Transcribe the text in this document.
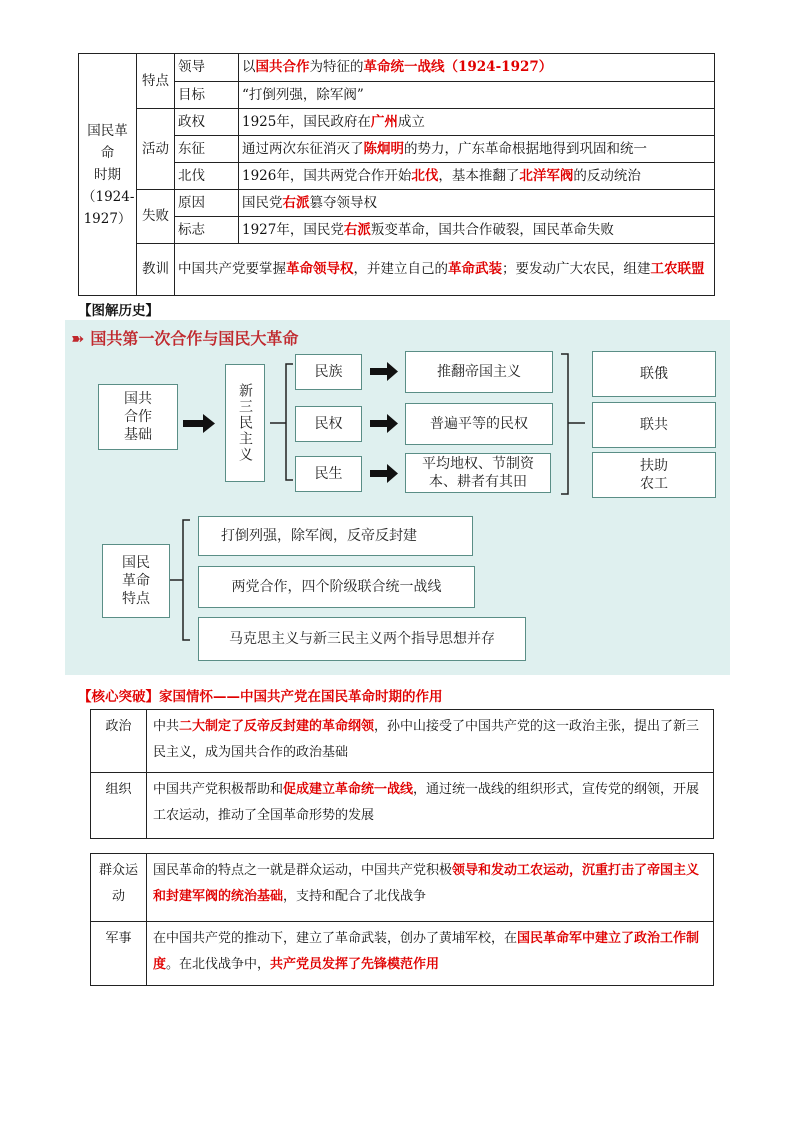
国民革命
时期
（1924-
1927）	特点	领导	以国共合作为特征的革命统一战线（1924-1927）
		目标	“打倒列强，除军阀”
	活动	政权	1925年，国民政府在广州成立
		东征	通过两次东征消灭了陈炯明的势力，广东革命根据地得到巩固和统一
		北伐	1926年，国共两党合作开始北伐，基本推翻了北洋军阀的反动统治
	失败	原因	国民党右派篡夺领导权
		标志	1927年，国民党右派叛变革命，国共合作破裂，国民革命失败
	教训	中国共产党要掌握革命领导权，并建立自己的革命武装；要发动广大农民，组建工农联盟	
【图解历史】
➽ 国共第一次合作与国民大革命
国共合作基础	新三民主义
民族
民权
民生
推翻帝国主义
普遍平等的民权
平均地权、节制资本、耕者有其田
联俄
联共
扶助农工
国民革命特点
打倒列强，除军阀，反帝反封建
两党合作，四个阶级联合统一战线
马克思主义与新三民主义两个指导思想并存
【核心突破】家国情怀——中国共产党在国民革命时期的作用
政治	中共二大制定了反帝反封建的革命纲领，孙中山接受了中国共产党的这一政治主张，提出了新三民主义，成为国共合作的政治基础
组织	中国共产党积极帮助和促成建立革命统一战线，通过统一战线的组织形式，宣传党的纲领，开展工农运动，推动了全国革命形势的发展
群众运动	国民革命的特点之一就是群众运动，中国共产党积极领导和发动工农运动，沉重打击了帝国主义和封建军阀的统治基础，支持和配合了北伐战争
军事	在中国共产党的推动下，建立了革命武装，创办了黄埔军校，在国民革命军中建立了政治工作制度。在北伐战争中，共产党员发挥了先锋模范作用
